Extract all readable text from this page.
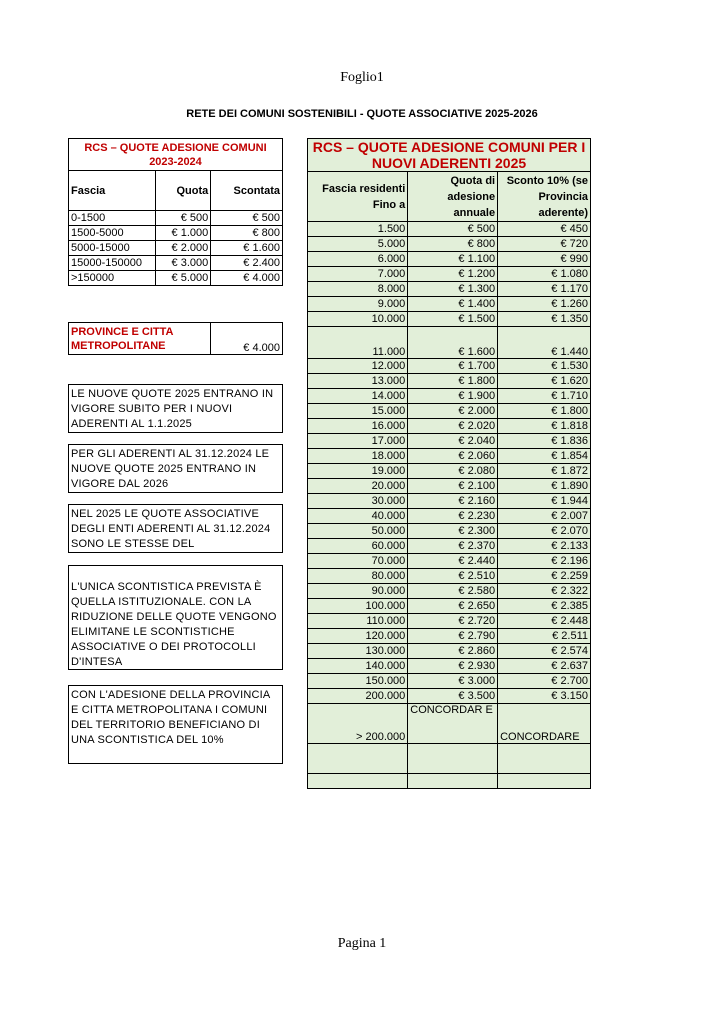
Foglio1
RETE DEI COMUNI SOSTENIBILI - QUOTE ASSOCIATIVE 2025-2026
RCS – QUOTE ADESIONE COMUNI 2023-2024		
Fascia	Quota	Scontata
0-1500	€ 500	€ 500
1500-5000	€ 1.000	€ 800
5000-15000	€ 2.000	€ 1.600
15000-150000	€ 3.000	€ 2.400
>150000	€ 5.000	€ 4.000
PROVINCE E CITTA METROPOLITANE	€ 4.000
LE NUOVE QUOTE 2025 ENTRANO IN VIGORE SUBITO PER I NUOVI ADERENTI AL 1.1.2025
PER GLI ADERENTI AL 31.12.2024 LE NUOVE QUOTE 2025 ENTRANO IN VIGORE DAL 2026
NEL 2025 LE QUOTE ASSOCIATIVE DEGLI ENTI ADERENTI AL 31.12.2024 SONO LE STESSE DEL
L'UNICA SCONTISTICA PREVISTA È QUELLA ISTITUZIONALE. CON LA RIDUZIONE DELLE QUOTE VENGONO ELIMITANE LE SCONTISTICHE ASSOCIATIVE O DEI PROTOCOLLI D'INTESA
CON L'ADESIONE DELLA PROVINCIA E CITTA METROPOLITANA I COMUNI DEL TERRITORIO BENEFICIANO DI UNA SCONTISTICA DEL 10%
RCS – QUOTE ADESIONE COMUNI PER I NUOVI ADERENTI 2025		
Fascia residenti Fino a	Quota di adesione annuale	Sconto 10% (se Provincia aderente)
1.500	€ 500	€ 450
5.000	€ 800	€ 720
6.000	€ 1.100	€ 990
7.000	€ 1.200	€ 1.080
8.000	€ 1.300	€ 1.170
9.000	€ 1.400	€ 1.260
10.000	€ 1.500	€ 1.350
11.000	€ 1.600	€ 1.440
12.000	€ 1.700	€ 1.530
13.000	€ 1.800	€ 1.620
14.000	€ 1.900	€ 1.710
15.000	€ 2.000	€ 1.800
16.000	€ 2.020	€ 1.818
17.000	€ 2.040	€ 1.836
18.000	€ 2.060	€ 1.854
19.000	€ 2.080	€ 1.872
20.000	€ 2.100	€ 1.890
30.000	€ 2.160	€ 1.944
40.000	€ 2.230	€ 2.007
50.000	€ 2.300	€ 2.070
60.000	€ 2.370	€ 2.133
70.000	€ 2.440	€ 2.196
80.000	€ 2.510	€ 2.259
90.000	€ 2.580	€ 2.322
100.000	€ 2.650	€ 2.385
110.000	€ 2.720	€ 2.448
120.000	€ 2.790	€ 2.511
130.000	€ 2.860	€ 2.574
140.000	€ 2.930	€ 2.637
150.000	€ 3.000	€ 2.700
200.000	€ 3.500	€ 3.150
> 200.000	CONCORDAR E	CONCORDARE

Pagina 1
